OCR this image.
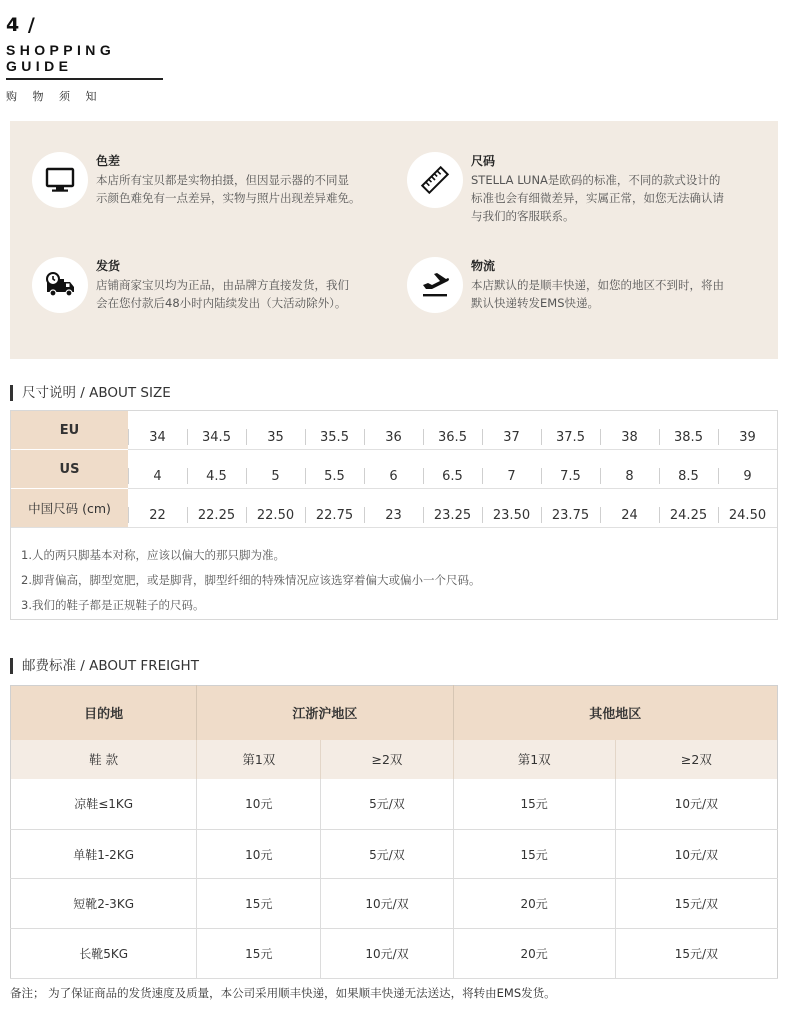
4 /
SHOPPING GUIDE
购 物 须 知
色差
本店所有宝贝都是实物拍摄，但因显示器的不同显
示颜色难免有一点差异，实物与照片出现差异难免。
尺码
STELLA LUNA是欧码的标准，不同的款式设计的
标准也会有细微差异，实属正常，如您无法确认请
与我们的客服联系。
发货
店铺商家宝贝均为正品，由品牌方直接发货，我们
会在您付款后48小时内陆续发出（大活动除外）。
物流
本店默认的是顺丰快递，如您的地区不到时，将由
默认快递转发EMS快递。
尺寸说明 / ABOUT SIZE
EU	34	34.5	35	35.5	36	36.5	37	37.5	38	38.5	39
US	4	4.5	5	5.5	6	6.5	7	7.5	8	8.5	9
中国尺码 (cm)	22	22.25	22.50	22.75	23	23.25	23.50	23.75	24	24.25	24.50
1.人的两只脚基本对称，应该以偏大的那只脚为准。
2.脚背偏高，脚型宽肥，或是脚背，脚型纤细的特殊情况应该选穿着偏大或偏小一个尺码。
3.我们的鞋子都是正规鞋子的尺码。
邮费标准 / ABOUT FREIGHT
目的地	江浙沪地区		其他地区	
鞋 款	第1双	≥2双	第1双	≥2双
凉鞋≤1KG	10元	5元/双	15元	10元/双
单鞋1-2KG	10元	5元/双	15元	10元/双
短靴2-3KG	15元	10元/双	20元	15元/双
长靴5KG	15元	10元/双	20元	15元/双
备注； 为了保证商品的发货速度及质量，本公司采用顺丰快递，如果顺丰快递无法送达，将转由EMS发货。
